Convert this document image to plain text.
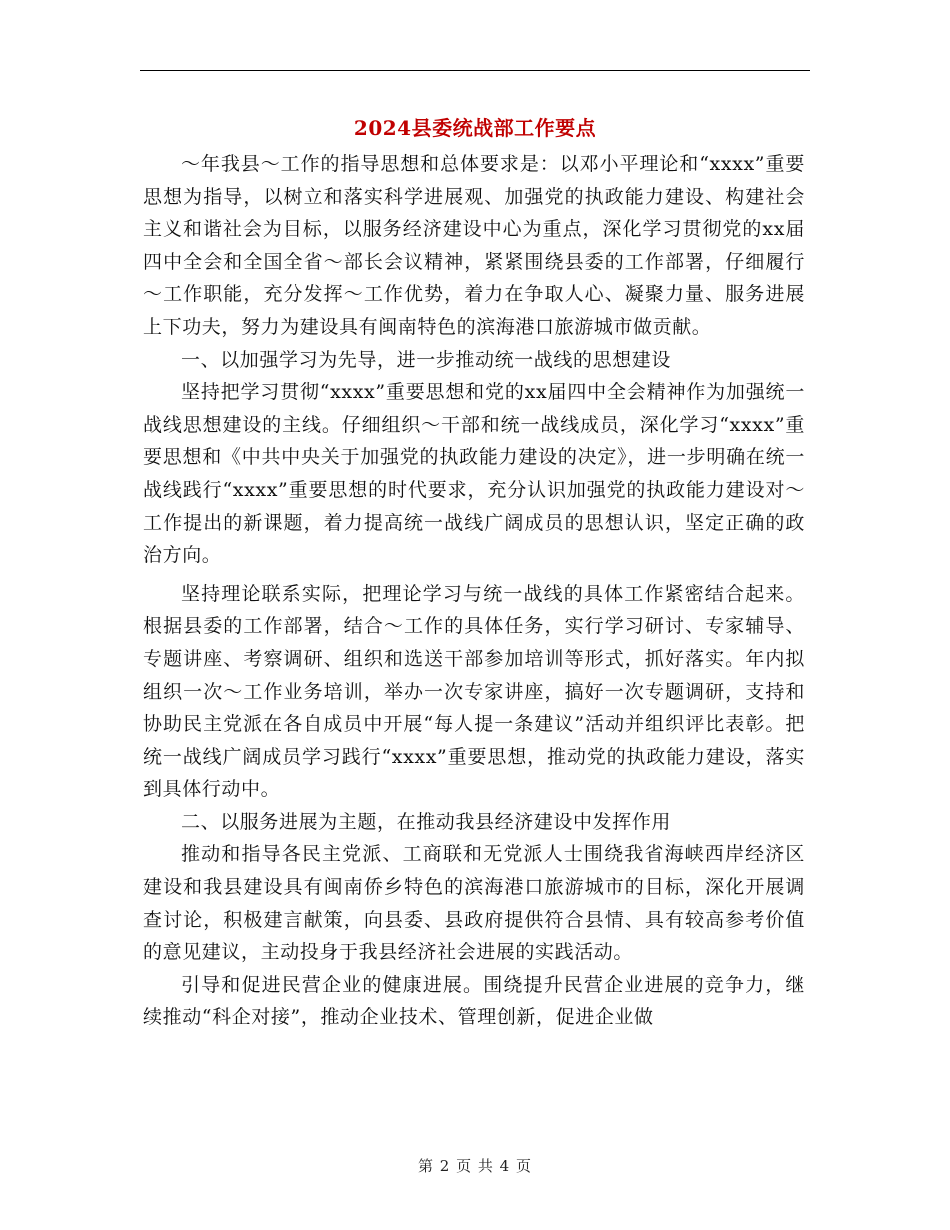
2024县委统战部工作要点

～年我县～工作的指导思想和总体要求是：以邓小平理论和“xxxx”重要思想为指导，以树立和落实科学进展观、加强党的执政能力建设、构建社会主义和谐社会为目标，以服务经济建设中心为重点，深化学习贯彻党的xx届四中全会和全国全省～部长会议精神，紧紧围绕县委的工作部署，仔细履行～工作职能，充分发挥～工作优势，着力在争取人心、凝聚力量、服务进展上下功夫，努力为建设具有闽南特色的滨海港口旅游城市做贡献。

一、以加强学习为先导，进一步推动统一战线的思想建设

坚持把学习贯彻“xxxx”重要思想和党的xx届四中全会精神作为加强统一战线思想建设的主线。仔细组织～干部和统一战线成员，深化学习“xxxx”重要思想和《中共中央关于加强党的执政能力建设的决定》，进一步明确在统一战线践行“xxxx”重要思想的时代要求，充分认识加强党的执政能力建设对～工作提出的新课题，着力提高统一战线广阔成员的思想认识，坚定正确的政治方向。

坚持理论联系实际，把理论学习与统一战线的具体工作紧密结合起来。根据县委的工作部署，结合～工作的具体任务，实行学习研讨、专家辅导、专题讲座、考察调研、组织和选送干部参加培训等形式，抓好落实。年内拟组织一次～工作业务培训，举办一次专家讲座，搞好一次专题调研，支持和协助民主党派在各自成员中开展“每人提一条建议”活动并组织评比表彰。把统一战线广阔成员学习践行“xxxx”重要思想，推动党的执政能力建设，落实到具体行动中。

二、以服务进展为主题，在推动我县经济建设中发挥作用

推动和指导各民主党派、工商联和无党派人士围绕我省海峡西岸经济区建设和我县建设具有闽南侨乡特色的滨海港口旅游城市的目标，深化开展调查讨论，积极建言献策，向县委、县政府提供符合县情、具有较高参考价值的意见建议，主动投身于我县经济社会进展的实践活动。

引导和促进民营企业的健康进展。围绕提升民营企业进展的竞争力，继续推动“科企对接”，推动企业技术、管理创新，促进企业做

第 2 页 共 4 页
